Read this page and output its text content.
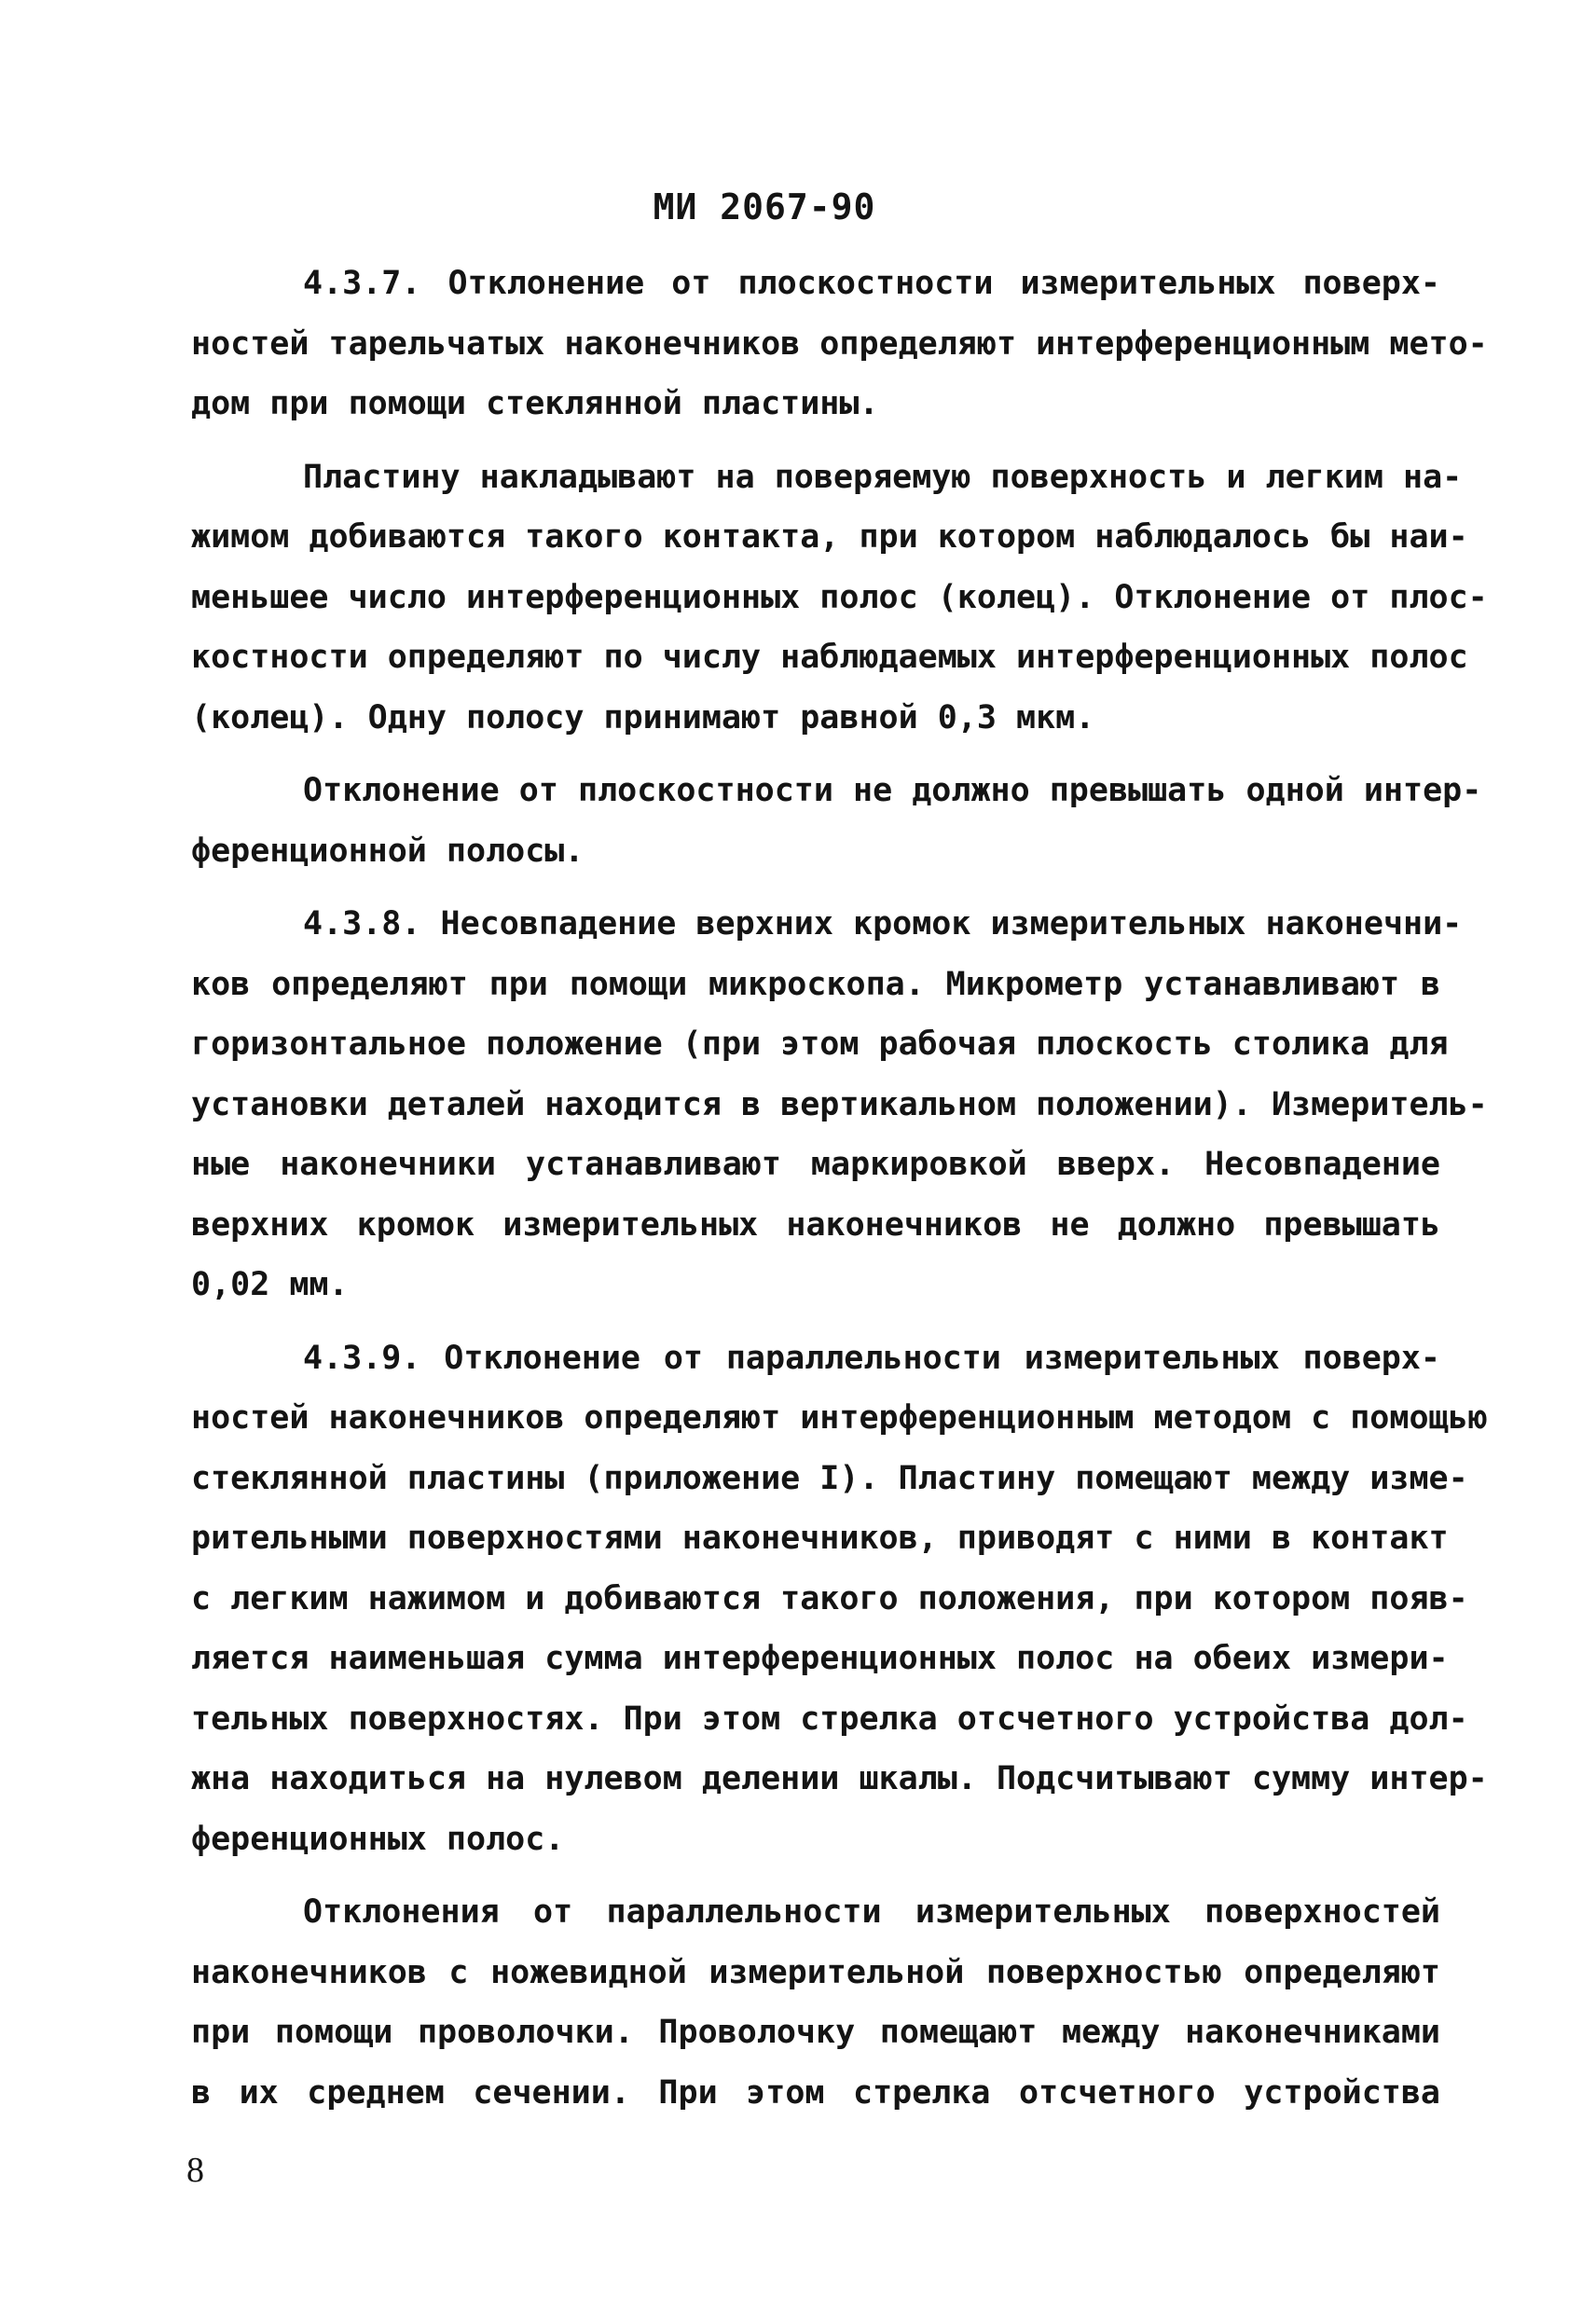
МИ 2067-90
4.3.7. Отклонение от плоскостности измерительных поверх-
ностей тарельчатых наконечников определяют интерференционным мето-
дом при помощи стеклянной пластины.
Пластину накладывают на поверяемую поверхность и легким на-
жимом добиваются такого контакта, при котором наблюдалось бы наи-
меньшее число интерференционных полос (колец). Отклонение от плос-
костности определяют по числу наблюдаемых интерференционных полос
(колец). Одну полосу принимают равной 0,3 мкм.
Отклонение от плоскостности не должно превышать одной интер-
ференционной полосы.
4.3.8. Несовпадение верхних кромок измерительных наконечни-
ков определяют при помощи микроскопа. Микрометр устанавливают в
горизонтальное положение (при этом рабочая плоскость столика для
установки деталей находится в вертикальном положении). Измеритель-
ные наконечники устанавливают маркировкой вверх. Несовпадение
верхних кромок измерительных наконечников не должно превышать
0,02 мм.
4.3.9. Отклонение от параллельности измерительных поверх-
ностей наконечников определяют интерференционным методом с помощью
стеклянной пластины (приложение I). Пластину помещают между изме-
рительными поверхностями наконечников, приводят с ними в контакт
с легким нажимом и добиваются такого положения, при котором появ-
ляется наименьшая сумма интерференционных полос на обеих измери-
тельных поверхностях. При этом стрелка отсчетного устройства дол-
жна находиться на нулевом делении шкалы. Подсчитывают сумму интер-
ференционных полос.
Отклонения от параллельности измерительных поверхностей
наконечников с ножевидной измерительной поверхностью определяют
при помощи проволочки. Проволочку помещают между наконечниками
в их среднем сечении. При этом стрелка отсчетного устройства
8
